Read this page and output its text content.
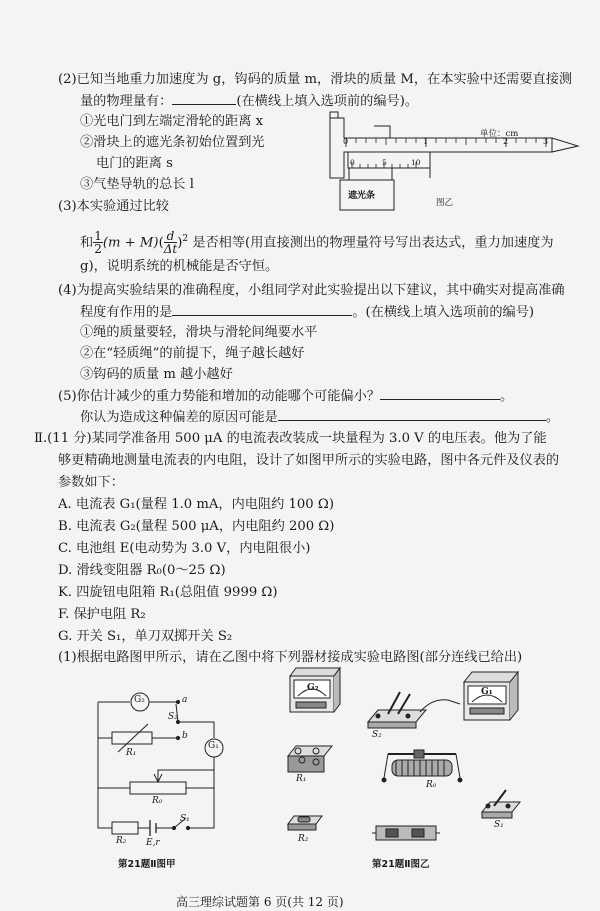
(2)已知当地重力加速度为 g，钩码的质量 m，滑块的质量 M，在本实验中还需要直接测
量的物理量有：	(在横线上填入选项前的编号)。
①光电门到左端定滑轮的距离 x
②滑块上的遮光条初始位置到光
电门的距离 s
③气垫导轨的总长 l
0	1	2	3
单位：cm
0	5	10
遮光条
图乙
(3)本实验通过比较
和 $\frac{1}{2} (m + M)( \frac{d}{\Delta t} )^2$ 是否相等(用直接测出的物理量符号写出表达式，重力加速度为
g)，说明系统的机械能是否守恒。
(4)为提高实验结果的准确程度，小组同学对此实验提出以下建议，其中确实对提高准确
程度有作用的是	。(在横线上填入选项前的编号)
①绳的质量要轻，滑块与滑轮间绳要水平
②在“轻质绳”的前提下，绳子越长越好
③钩码的质量 m 越小越好
(5)你估计减少的重力势能和增加的动能哪个可能偏小？	。
你认为造成这种偏差的原因可能是	。
Ⅱ.(11 分)某同学准备用 500 μA 的电流表改装成一块量程为 3.0 V 的电压表。他为了能
够更精确地测量电流表的内电阻，设计了如图甲所示的实验电路，图中各元件及仪表的
参数如下：
A. 电流表 G₁(量程 1.0 mA，内电阻约 100 Ω)
B. 电流表 G₂(量程 500 μA，内电阻约 200 Ω)
C. 电池组 E(电动势为 3.0 V，内电阻很小)
D. 滑线变阻器 R₀(0～25 Ω)
K. 四旋钮电阻箱 R₁(总阻值 9999 Ω)
F. 保护电阻 R₂
G. 开关 S₁，单刀双掷开关 S₂
(1)根据电路图甲所示，请在乙图中将下列器材接成实验电路图(部分连线已给出)
G₂
G₁
a
b
S₂
R₁
R₀
R₂ E,r
S₁
第21题Ⅱ图甲
G₂
S₂
G₁
R₁
R₀
R₂
S₁
第21题Ⅱ图乙
高三理综试题第 6 页(共 12 页)
